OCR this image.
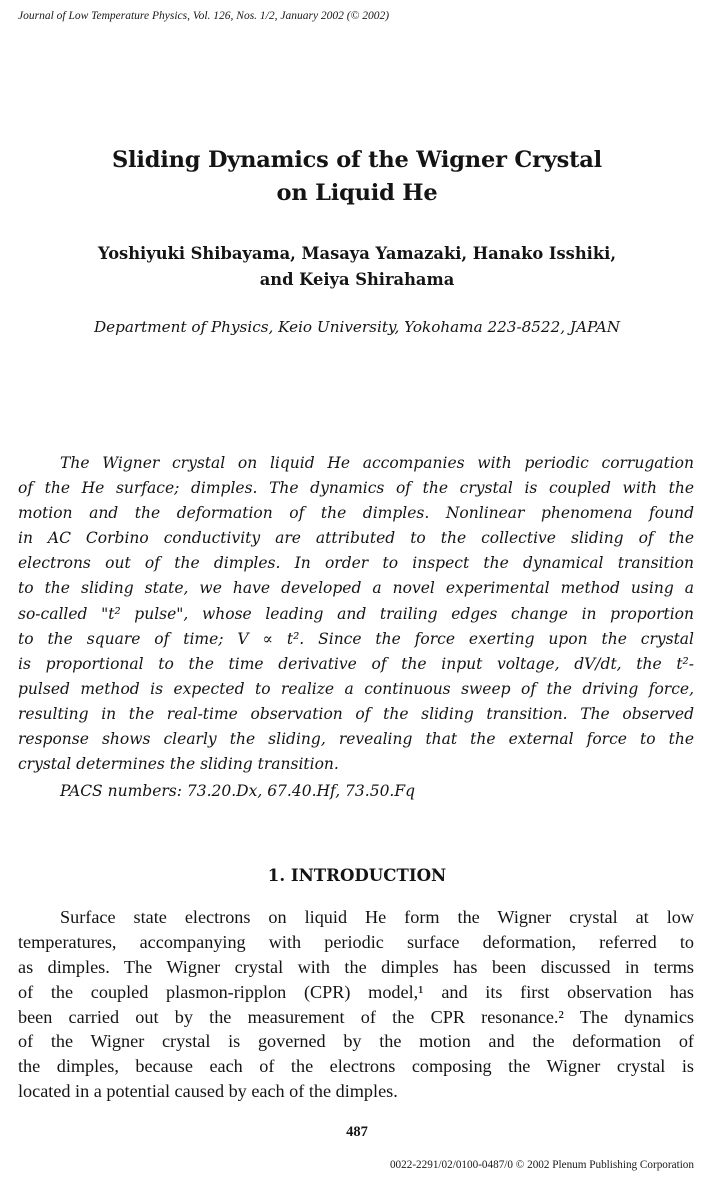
Journal of Low Temperature Physics, Vol. 126, Nos. 1/2, January 2002 (© 2002)
Sliding Dynamics of the Wigner Crystal
on Liquid He
Yoshiyuki Shibayama, Masaya Yamazaki, Hanako Isshiki,
and Keiya Shirahama
Department of Physics, Keio University, Yokohama 223-8522, JAPAN
The Wigner crystal on liquid He accompanies with periodic corrugation
of the He surface; dimples. The dynamics of the crystal is coupled with the
motion and the deformation of the dimples. Nonlinear phenomena found
in AC Corbino conductivity are attributed to the collective sliding of the
electrons out of the dimples. In order to inspect the dynamical transition
to the sliding state, we have developed a novel experimental method using a
so-called "t² pulse", whose leading and trailing edges change in proportion
to the square of time; V ∝ t². Since the force exerting upon the crystal
is proportional to the time derivative of the input voltage, dV/dt, the t²-
pulsed method is expected to realize a continuous sweep of the driving force,
resulting in the real-time observation of the sliding transition. The observed
response shows clearly the sliding, revealing that the external force to the
crystal determines the sliding transition.
PACS numbers: 73.20.Dx, 67.40.Hf, 73.50.Fq
1. INTRODUCTION
Surface state electrons on liquid He form the Wigner crystal at low
temperatures, accompanying with periodic surface deformation, referred to
as dimples. The Wigner crystal with the dimples has been discussed in terms
of the coupled plasmon-ripplon (CPR) model,¹ and its first observation has
been carried out by the measurement of the CPR resonance.² The dynamics
of the Wigner crystal is governed by the motion and the deformation of
the dimples, because each of the electrons composing the Wigner crystal is
located in a potential caused by each of the dimples.
487
0022-2291/02/0100-0487/0 © 2002 Plenum Publishing Corporation
